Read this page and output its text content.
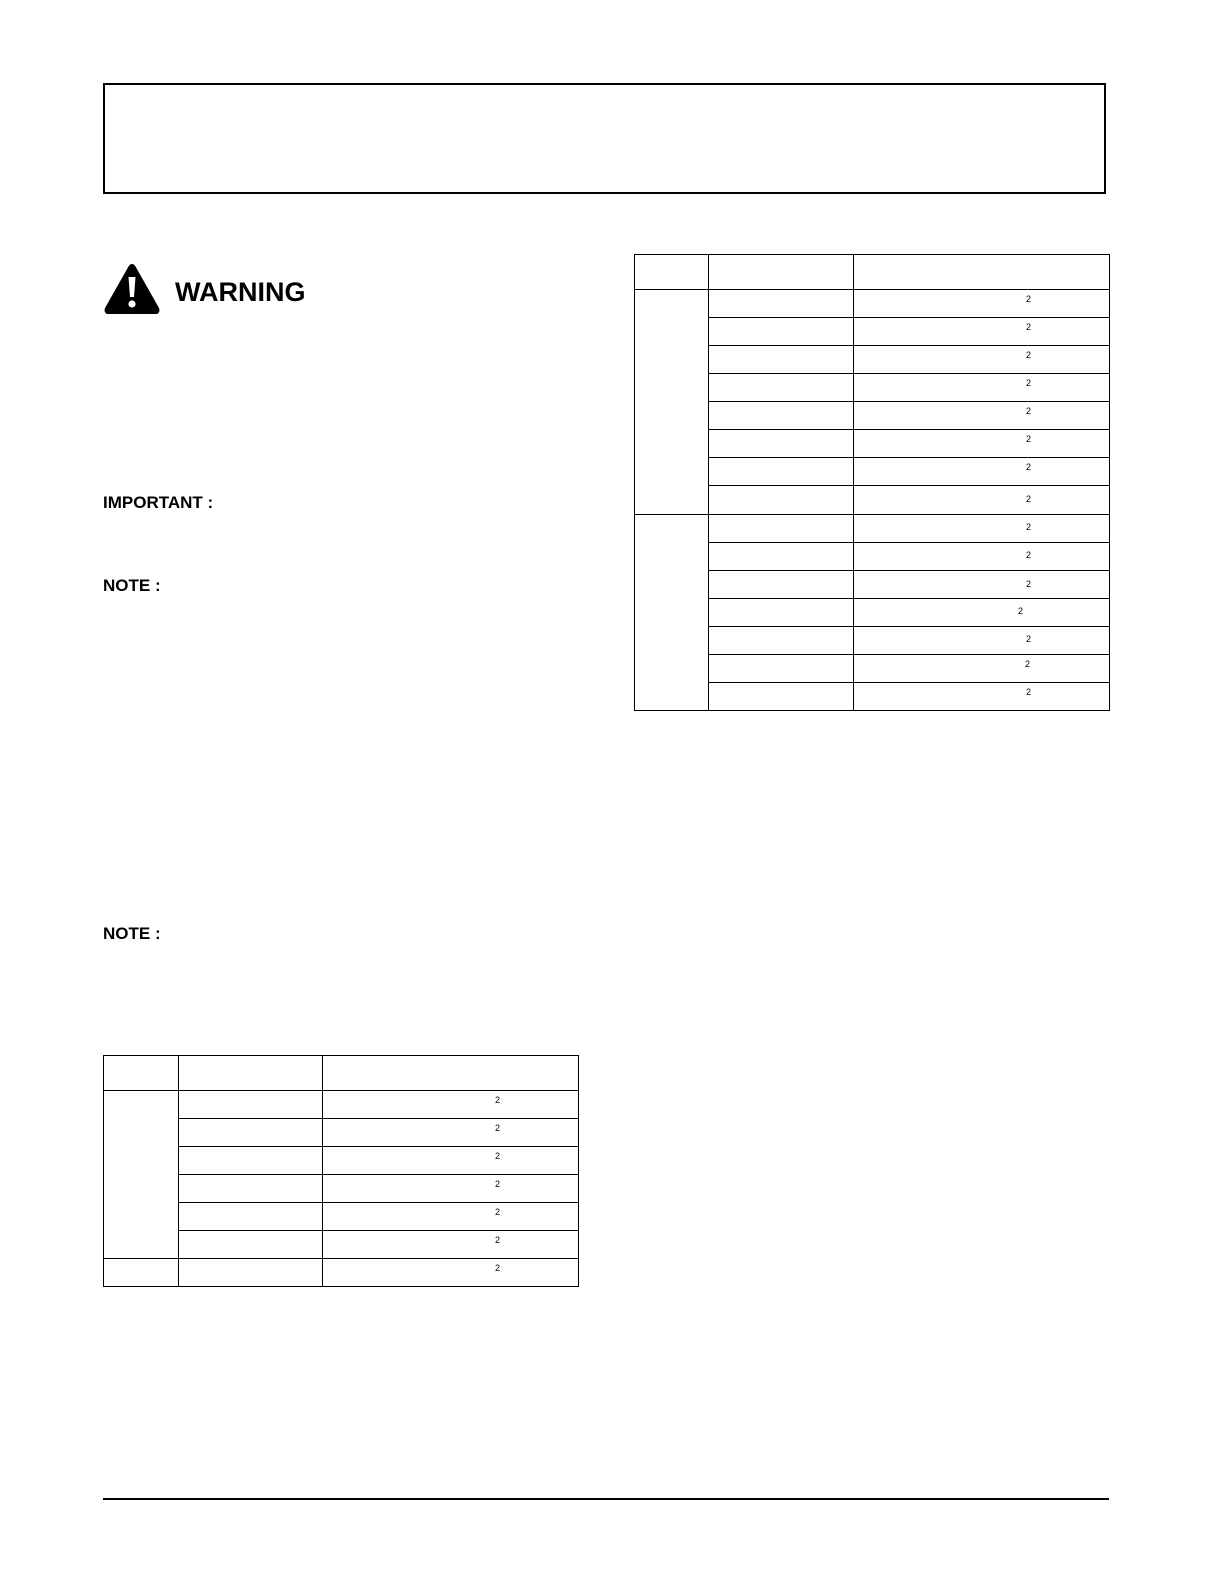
WARNING
IMPORTANT :
NOTE :
NOTE :

		2

		2

		2

		2

		2

		2

		2

		2

		2

		2

		2

		2

		2

		2

		2

		2

		2

		2

		2

		2

		2

		2
